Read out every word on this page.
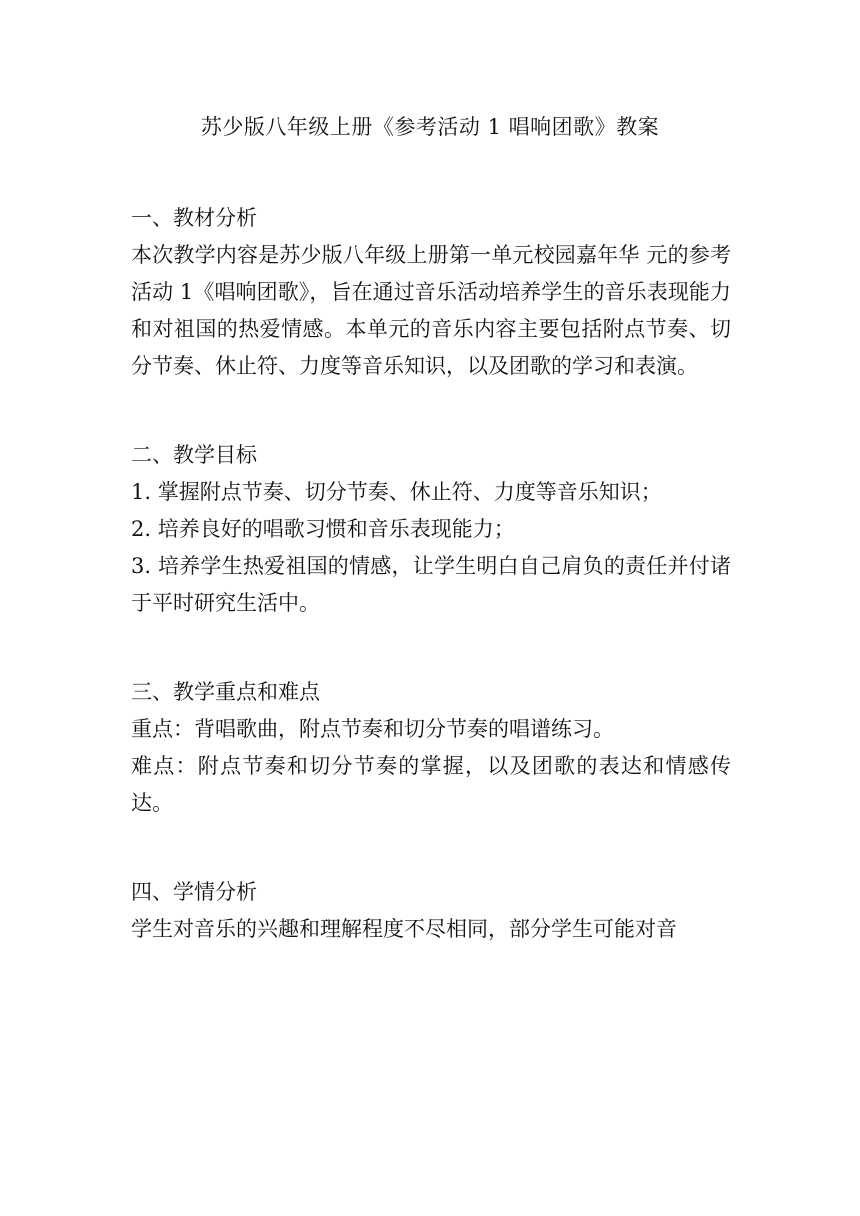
苏少版八年级上册《参考活动 1 唱响团歌》教案
一、教材分析

本次教学内容是苏少版八年级上册第一单元校园嘉年华 元的参考活动 1《唱响团歌》，旨在通过音乐活动培养学生的音乐表现能力和对祖国的热爱情感。本单元的音乐内容主要包括附点节奏、切分节奏、休止符、力度等音乐知识，以及团歌的学习和表演。

二、教学目标

1. 掌握附点节奏、切分节奏、休止符、力度等音乐知识；

2. 培养良好的唱歌习惯和音乐表现能力；

3. 培养学生热爱祖国的情感，让学生明白自己肩负的责任并付诸于平时研究生活中。

三、教学重点和难点

重点：背唱歌曲，附点节奏和切分节奏的唱谱练习。

难点：附点节奏和切分节奏的掌握，以及团歌的表达和情感传达。

四、学情分析

学生对音乐的兴趣和理解程度不尽相同，部分学生可能对音
